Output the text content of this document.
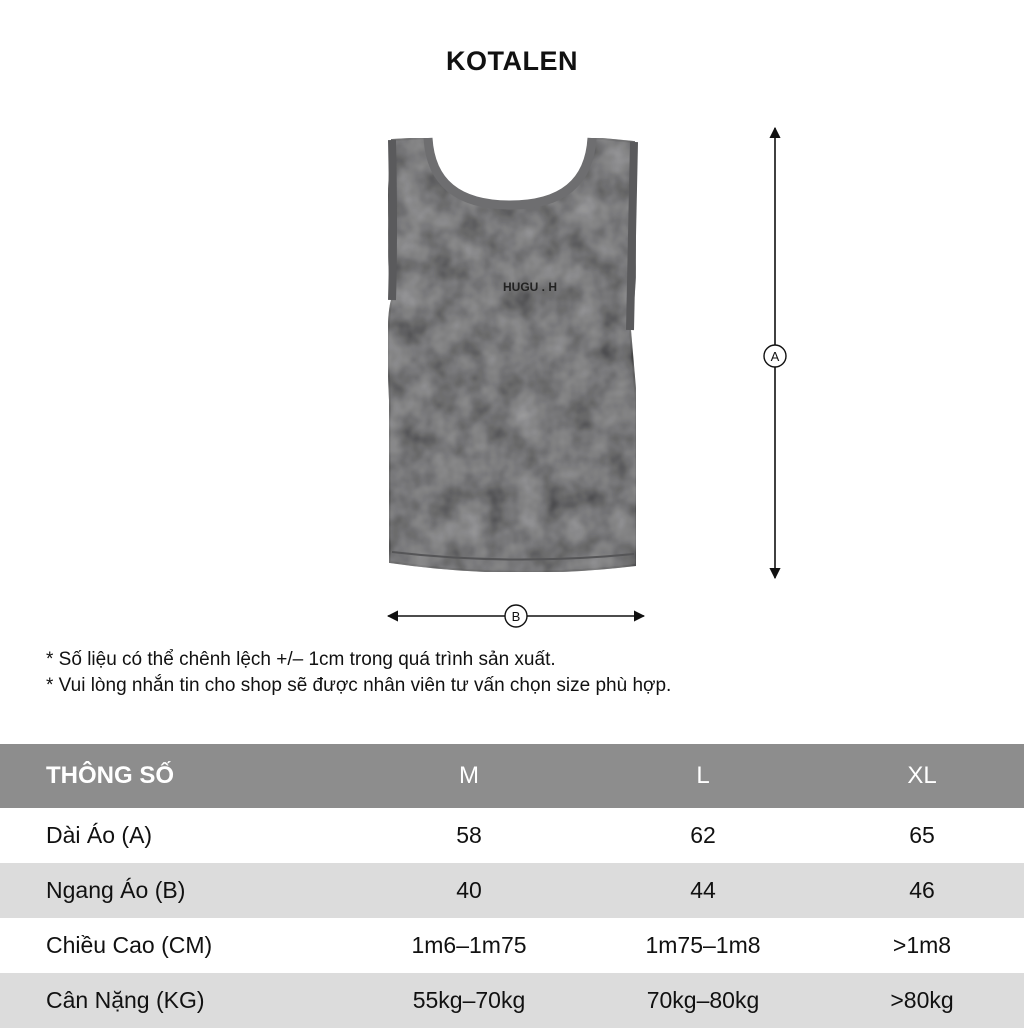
KOTALEN
HUGU . H
A
B
* Số liệu có thể chênh lệch +/– 1cm trong quá trình sản xuất.
* Vui lòng nhắn tin cho shop sẽ được nhân viên tư vấn chọn size phù hợp.
THÔNG SỐ	M	L	XL
Dài Áo (A)	58	62	65
Ngang Áo (B)	40	44	46
Chiều Cao (CM)	1m6–1m75	1m75–1m8	>1m8
Cân Nặng (KG)	55kg–70kg	70kg–80kg	>80kg
